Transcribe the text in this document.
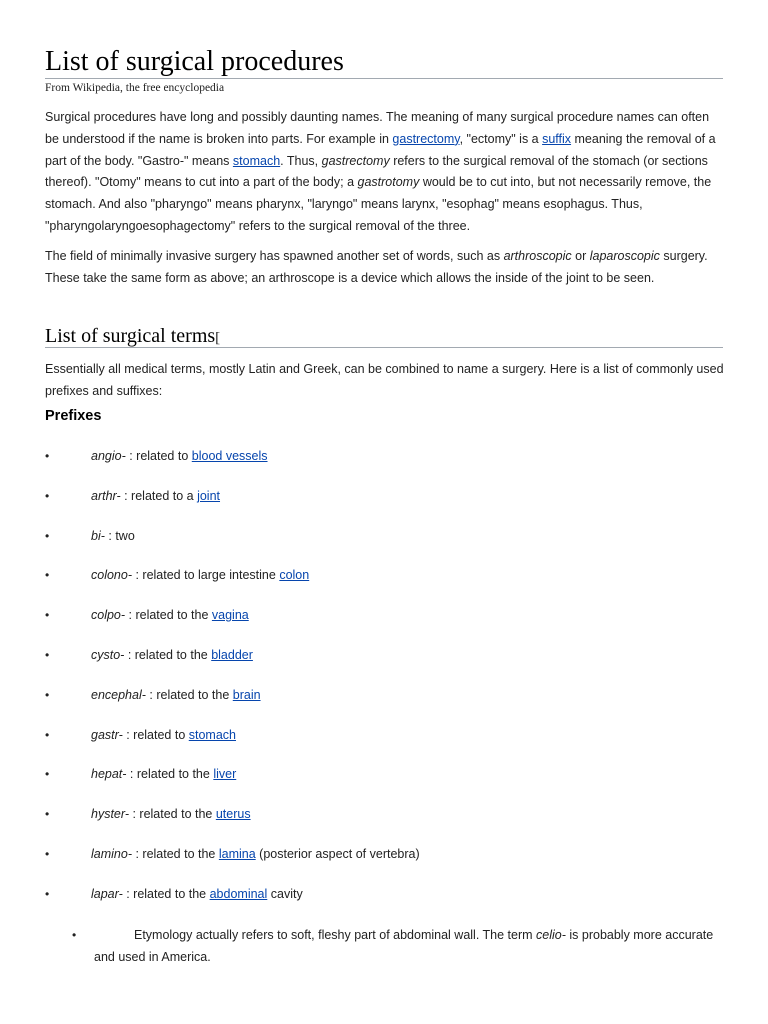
List of surgical procedures
From Wikipedia, the free encyclopedia

Surgical procedures have long and possibly daunting names. The meaning of many surgical procedure names can often be understood if the name is broken into parts. For example in gastrectomy, "ectomy" is a suffix meaning the removal of a part of the body. "Gastro-" means stomach. Thus, gastrectomy refers to the surgical removal of the stomach (or sections thereof). "Otomy" means to cut into a part of the body; a gastrotomy would be to cut into, but not necessarily remove, the stomach. And also "pharyngo" means pharynx, "laryngo" means larynx, "esophag" means esophagus. Thus, "pharyngolaryngoesophagectomy" refers to the surgical removal of the three.

The field of minimally invasive surgery has spawned another set of words, such as arthroscopic or laparoscopic surgery. These take the same form as above; an arthroscope is a device which allows the inside of the joint to be seen.

List of surgical terms[

Essentially all medical terms, mostly Latin and Greek, can be combined to name a surgery. Here is a list of commonly used prefixes and suffixes:

Prefixes
•	angio- : related to blood vessels
•	arthr- : related to a joint
•	bi- : two
•	colono- : related to large intestine colon
•	colpo- : related to the vagina
•	cysto- : related to the bladder
•	encephal- : related to the brain
•	gastr- : related to stomach
•	hepat- : related to the liver
•	hyster- : related to the uterus
•	lamino- : related to the lamina (posterior aspect of vertebra)
•	lapar- : related to the abdominal cavity
•	Etymology actually refers to soft, fleshy part of abdominal wall. The term celio- is probably more accurate and used in America.
